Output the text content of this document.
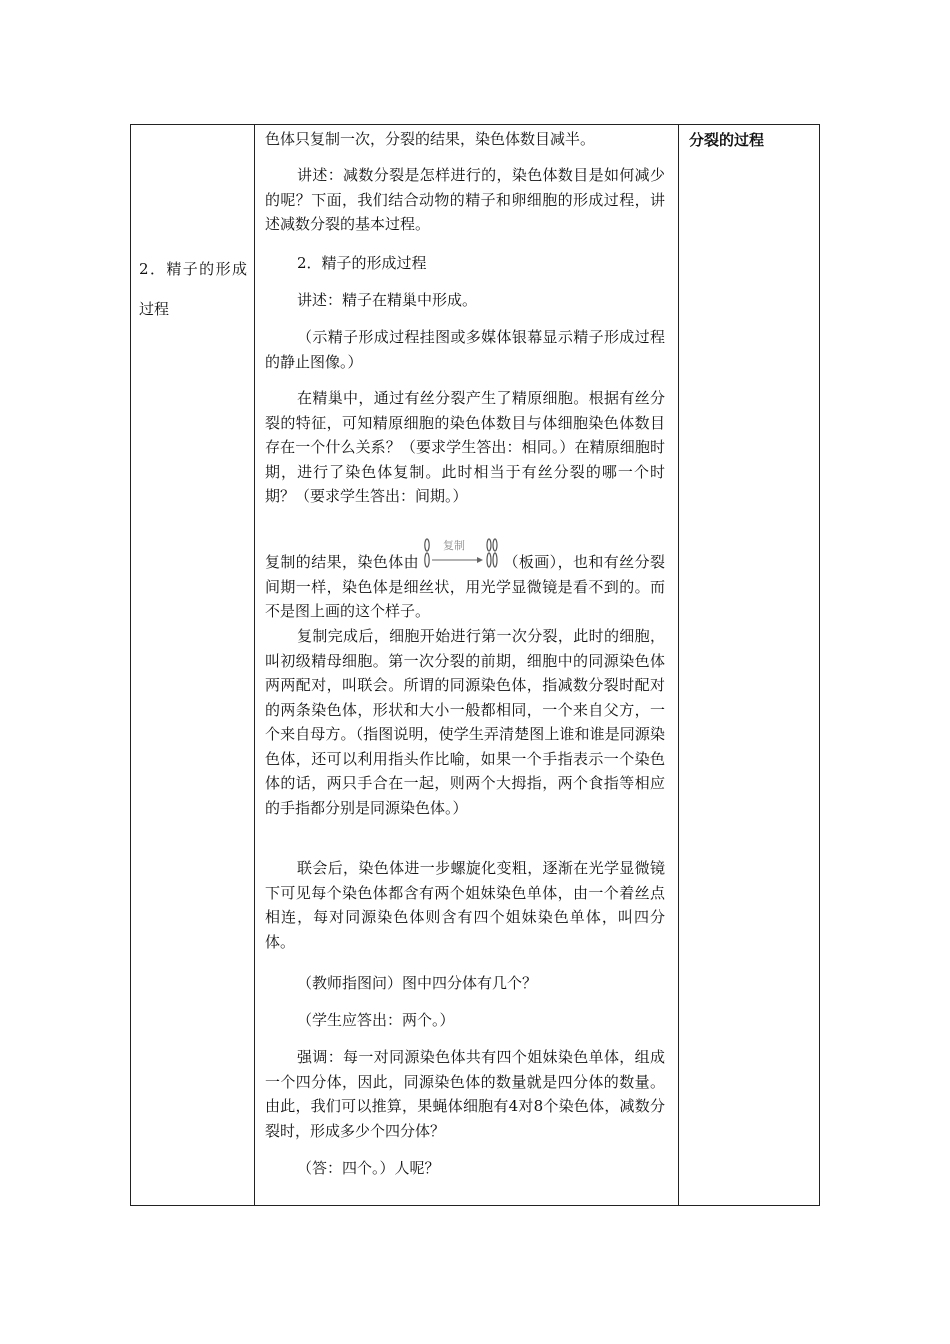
2．精子的形成过程
分裂的过程

色体只复制一次，分裂的结果，染色体数目减半。

讲述：减数分裂是怎样进行的，染色体数目是如何减少的呢？下面，我们结合动物的精子和卵细胞的形成过程，讲述减数分裂的基本过程。

2．精子的形成过程

讲述：精子在精巢中形成。

（示精子形成过程挂图或多媒体银幕显示精子形成过程的静止图像。）

在精巢中，通过有丝分裂产生了精原细胞。根据有丝分裂的特征，可知精原细胞的染色体数目与体细胞染色体数目存在一个什么关系？（要求学生答出：相同。）在精原细胞时期，进行了染色体复制。此时相当于有丝分裂的哪一个时期？（要求学生答出：间期。）

复制的结果，染色体由
复制
（板画），也和有丝分裂间期一样，染色体是细丝状，用光学显微镜是看不到的。而不是图上画的这个样子。

复制完成后，细胞开始进行第一次分裂，此时的细胞，叫初级精母细胞。第一次分裂的前期，细胞中的同源染色体两两配对，叫联会。所谓的同源染色体，指减数分裂时配对的两条染色体，形状和大小一般都相同，一个来自父方，一个来自母方。（指图说明，使学生弄清楚图上谁和谁是同源染色体，还可以利用指头作比喻，如果一个手指表示一个染色体的话，两只手合在一起，则两个大拇指，两个食指等相应的手指都分别是同源染色体。）

联会后，染色体进一步螺旋化变粗，逐渐在光学显微镜下可见每个染色体都含有两个姐妹染色单体，由一个着丝点相连，每对同源染色体则含有四个姐妹染色单体，叫四分体。

（教师指图问）图中四分体有几个？

（学生应答出：两个。）

强调：每一对同源染色体共有四个姐妹染色单体，组成一个四分体，因此，同源染色体的数量就是四分体的数量。由此，我们可以推算，果蝇体细胞有4对8个染色体，减数分裂时，形成多少个四分体？

（答：四个。）人呢？
